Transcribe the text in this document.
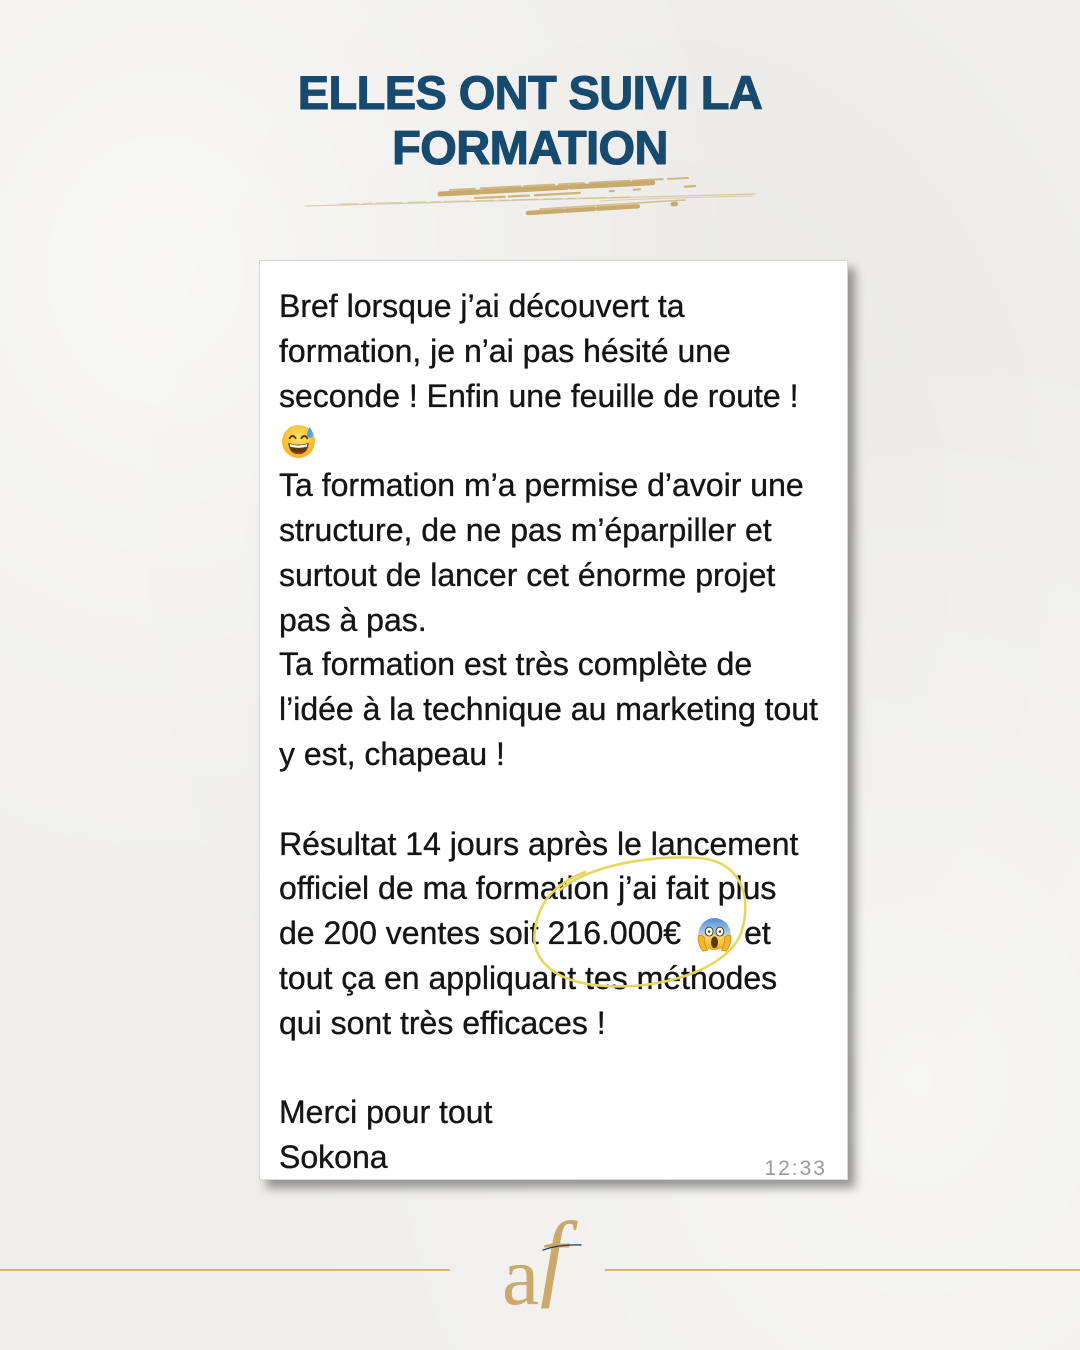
ELLES ONT SUIVI LA
FORMATION
Bref lorsque j’ai découvert ta
formation, je n’ai pas hésité une
seconde ! Enfin une feuille de route !
Ta formation m’a permise d’avoir une
structure, de ne pas m’éparpiller et
surtout de lancer cet énorme projet
pas à pas.
Ta formation est très complète de
l’idée à la technique au marketing tout
y est, chapeau !
Résultat 14 jours après le lancement
officiel de ma formation j’ai fait plus
de 200 ventes soit 216.000€ et
tout ça en appliquant tes méthodes
qui sont très efficaces !
Merci pour tout
Sokona	12:33
a f
